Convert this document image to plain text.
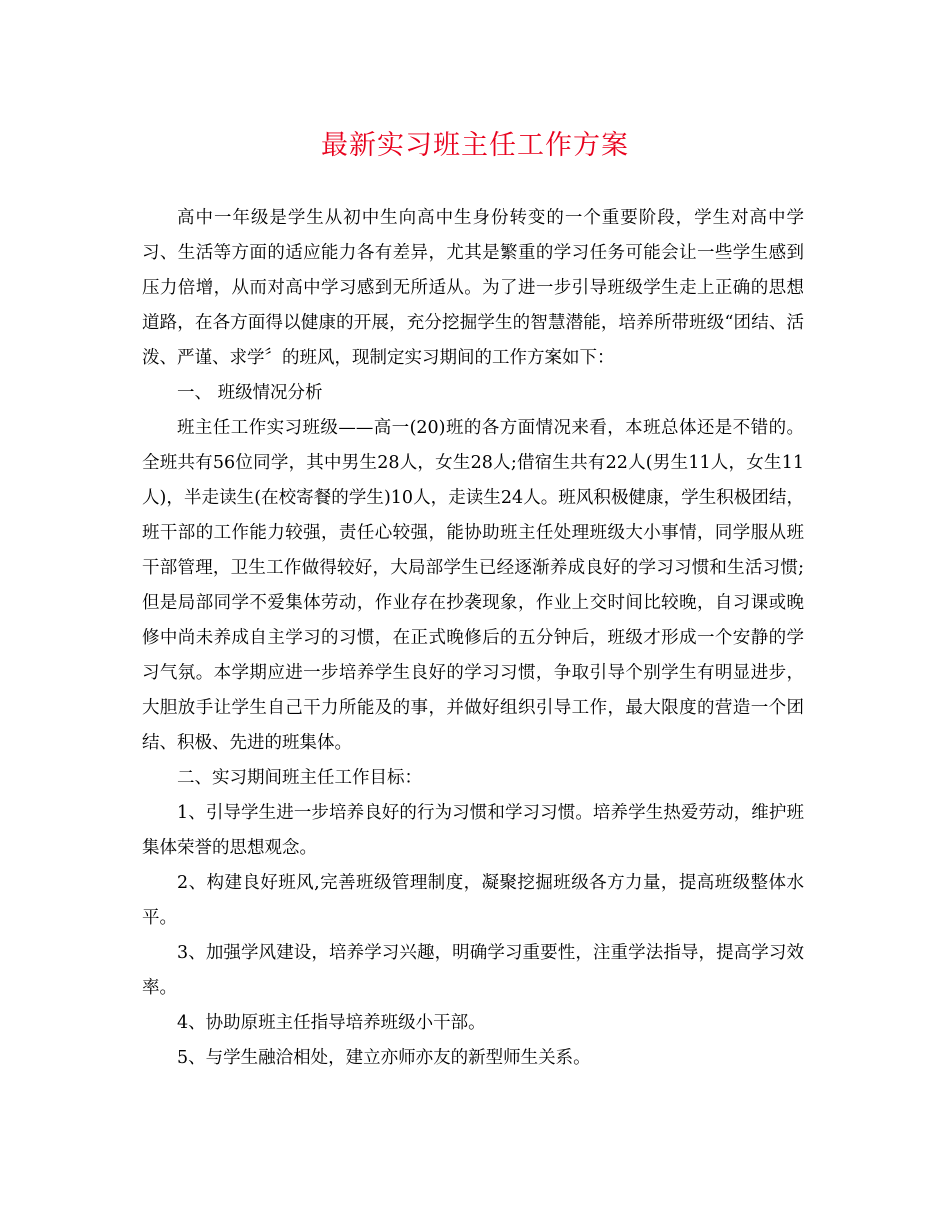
最新实习班主任工作方案

高中一年级是学生从初中生向高中生身份转变的一个重要阶段，学生对高中学习、生活等方面的适应能力各有差异，尤其是繁重的学习任务可能会让一些学生感到压力倍增，从而对高中学习感到无所适从。为了进一步引导班级学生走上正确的思想道路，在各方面得以健康的开展，充分挖掘学生的智慧潜能，培养所带班级“团结、活泼、严谨、求学〞的班风，现制定实习期间的工作方案如下：

一、 班级情况分析

班主任工作实习班级——高一(20)班的各方面情况来看，本班总体还是不错的。全班共有56位同学，其中男生28人，女生28人;借宿生共有22人(男生11人，女生11人)，半走读生(在校寄餐的学生)10人，走读生24人。班风积极健康，学生积极团结，班干部的工作能力较强，责任心较强，能协助班主任处理班级大小事情，同学服从班干部管理，卫生工作做得较好，大局部学生已经逐渐养成良好的学习习惯和生活习惯;但是局部同学不爱集体劳动，作业存在抄袭现象，作业上交时间比较晚，自习课或晚修中尚未养成自主学习的习惯，在正式晚修后的五分钟后，班级才形成一个安静的学习气氛。本学期应进一步培养学生良好的学习习惯，争取引导个别学生有明显进步，大胆放手让学生自己干力所能及的事，并做好组织引导工作，最大限度的营造一个团结、积极、先进的班集体。

二、实习期间班主任工作目标：

1、引导学生进一步培养良好的行为习惯和学习习惯。培养学生热爱劳动，维护班集体荣誉的思想观念。

2、构建良好班风,完善班级管理制度，凝聚挖掘班级各方力量，提高班级整体水平。

3、加强学风建设，培养学习兴趣，明确学习重要性，注重学法指导，提高学习效率。

4、协助原班主任指导培养班级小干部。

5、与学生融洽相处，建立亦师亦友的新型师生关系。
